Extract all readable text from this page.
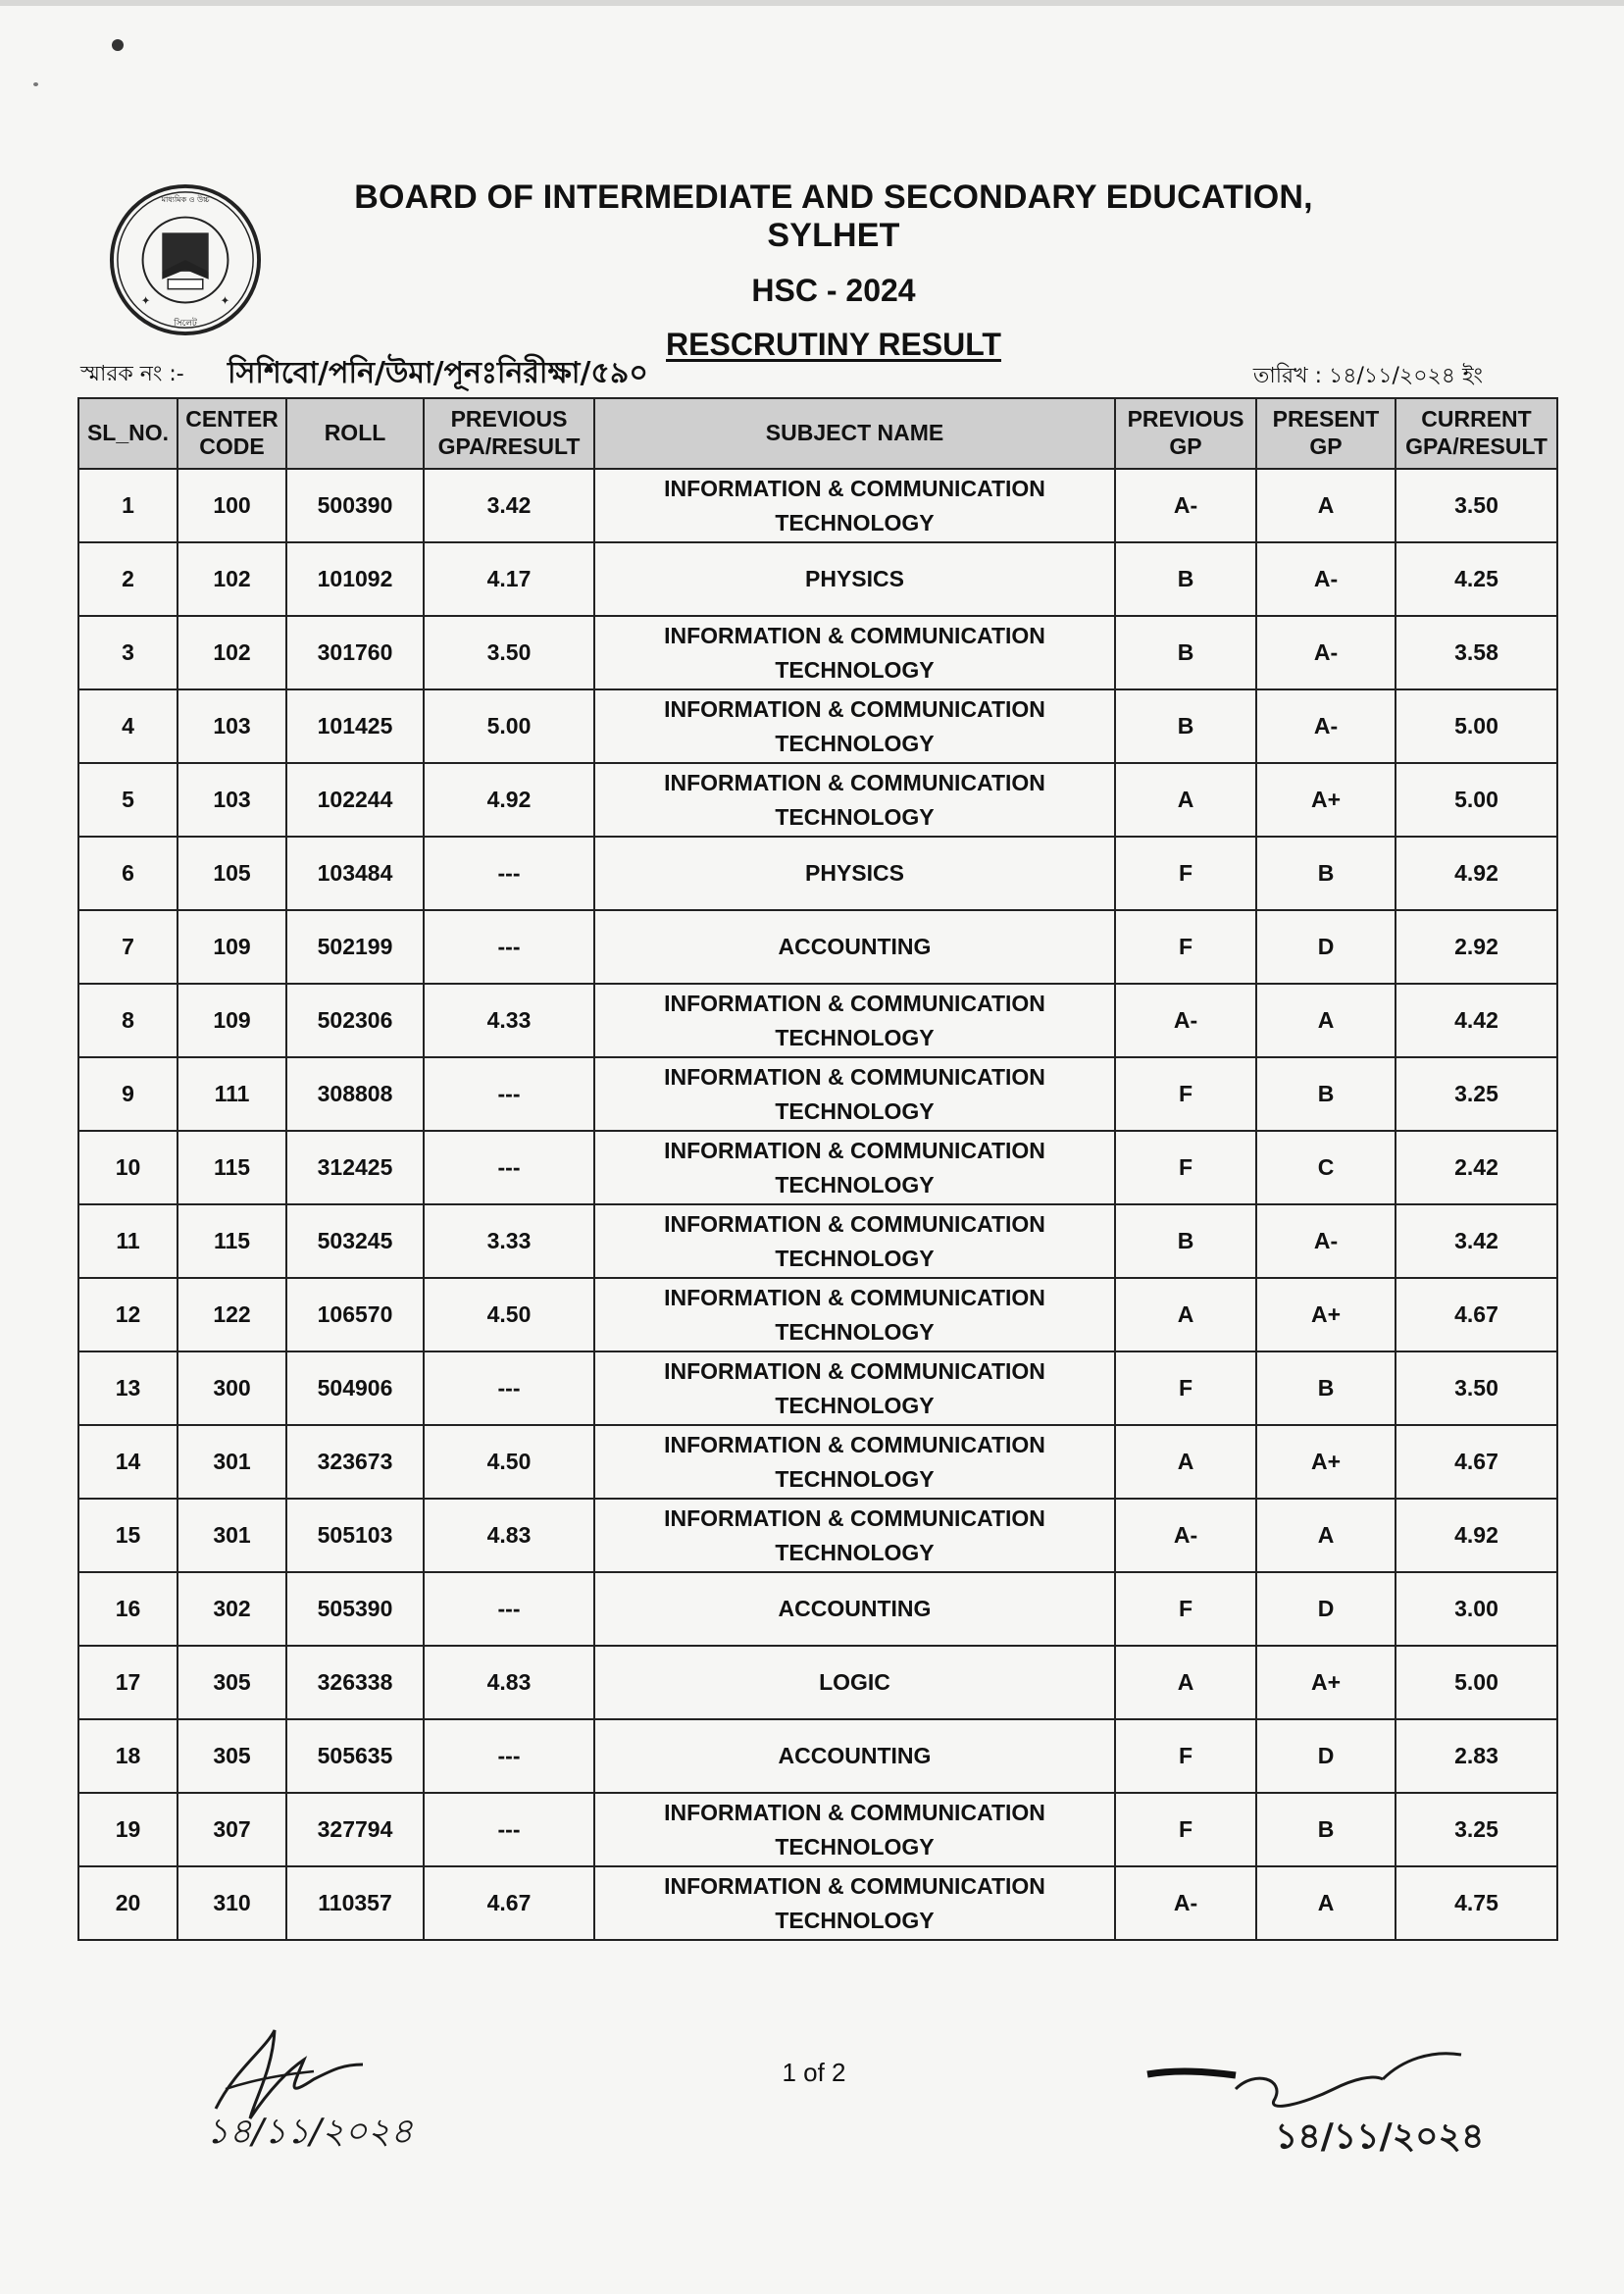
মাধ্যমিক ও উচ্চ
সিলেট
✦	✦
BOARD OF INTERMEDIATE AND SECONDARY EDUCATION, SYLHET
HSC - 2024
RESCRUTINY RESULT
স্মারক নং :- সিশিবো/পনি/উমা/পূনঃনিরীক্ষা/৫৯০	তারিখ : ১৪/১১/২০২৪ ইং
SL_NO.	CENTER CODE	ROLL	PREVIOUS GPA/RESULT	SUBJECT NAME	PREVIOUS GP	PRESENT GP	CURRENT GPA/RESULT
1	100	500390	3.42	INFORMATION & COMMUNICATION TECHNOLOGY	A-	A	3.50
2	102	101092	4.17	PHYSICS	B	A-	4.25
3	102	301760	3.50	INFORMATION & COMMUNICATION TECHNOLOGY	B	A-	3.58
4	103	101425	5.00	INFORMATION & COMMUNICATION TECHNOLOGY	B	A-	5.00
5	103	102244	4.92	INFORMATION & COMMUNICATION TECHNOLOGY	A	A+	5.00
6	105	103484	---	PHYSICS	F	B	4.92
7	109	502199	---	ACCOUNTING	F	D	2.92
8	109	502306	4.33	INFORMATION & COMMUNICATION TECHNOLOGY	A-	A	4.42
9	111	308808	---	INFORMATION & COMMUNICATION TECHNOLOGY	F	B	3.25
10	115	312425	---	INFORMATION & COMMUNICATION TECHNOLOGY	F	C	2.42
11	115	503245	3.33	INFORMATION & COMMUNICATION TECHNOLOGY	B	A-	3.42
12	122	106570	4.50	INFORMATION & COMMUNICATION TECHNOLOGY	A	A+	4.67
13	300	504906	---	INFORMATION & COMMUNICATION TECHNOLOGY	F	B	3.50
14	301	323673	4.50	INFORMATION & COMMUNICATION TECHNOLOGY	A	A+	4.67
15	301	505103	4.83	INFORMATION & COMMUNICATION TECHNOLOGY	A-	A	4.92
16	302	505390	---	ACCOUNTING	F	D	3.00
17	305	326338	4.83	LOGIC	A	A+	5.00
18	305	505635	---	ACCOUNTING	F	D	2.83
19	307	327794	---	INFORMATION & COMMUNICATION TECHNOLOGY	F	B	3.25
20	310	110357	4.67	INFORMATION & COMMUNICATION TECHNOLOGY	A-	A	4.75
১৪/১১/২০২৪
1 of 2
১৪/১১/২০২৪
